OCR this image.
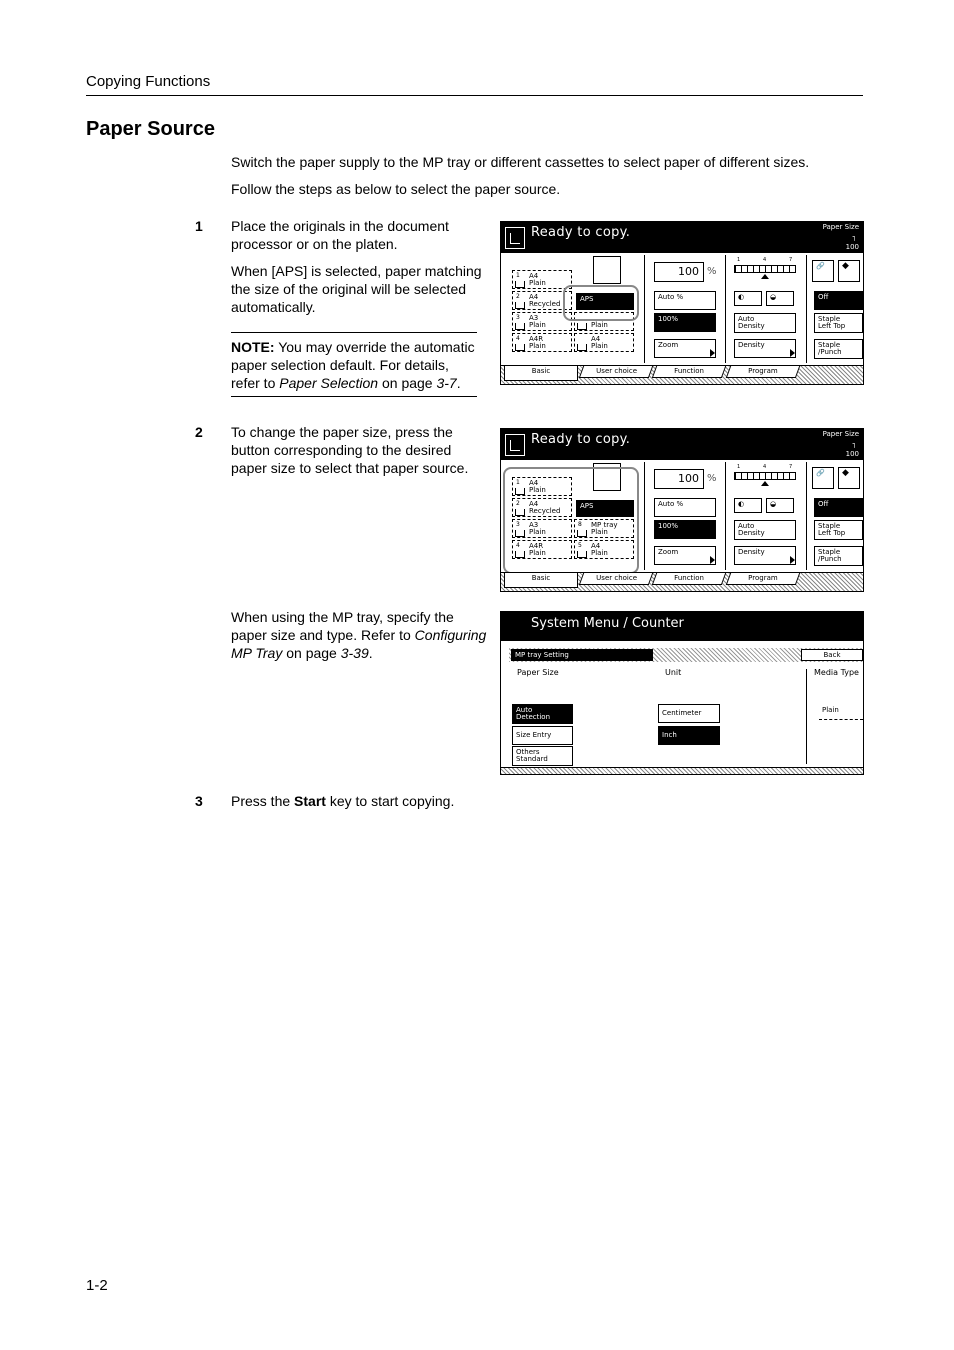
Copying Functions
Paper Source
Switch the paper supply to the MP tray or different cassettes to select paper of different sizes.
Follow the steps as below to select the paper source.
1 Place the originals in the document processor or on the platen.
When [APS] is selected, paper matching the size of the original will be selected automatically.
NOTE: You may override the automatic paper selection default. For details, refer to Paper Selection on page 3-7.
2 To change the paper size, press the button corresponding to the desired paper size to select that paper source.
When using the MP tray, specify the paper size and type. Refer to Configuring MP Tray on page 3-39.
3 Press the Start key to start copying.
Ready to copy.	Paper Size
┐
100
1 A4
Plain
2 A4
Recycled
3 A3
Plain
4 A4R
Plain
APS

Plain
A4
Plain
100 %
Auto %
100%
Zoom
1	4	7
◐	◒
Auto
Density
Density
🔗	◆
Off
Staple
Left Top
Staple
/Punch
Basic	User choice	Function	Program
Ready to copy.	Paper Size
┐
100
1 A4
Plain
2 A4
Recycled
3 A3
Plain
4 A4R
Plain
APS
8 MP tray
Plain
5 A4
Plain
100 %
Auto %
100%
Zoom
1	4	7
◐	◒
Auto
Density
Density
🔗	◆
Off
Staple
Left Top
Staple
/Punch
Basic	User choice	Function	Program
System Menu / Counter
MP tray Setting	Back
Paper Size	Unit	Media Type
Auto
Detection
Size Entry
Others
Standard
Centimeter
Inch
Plain
1-2
